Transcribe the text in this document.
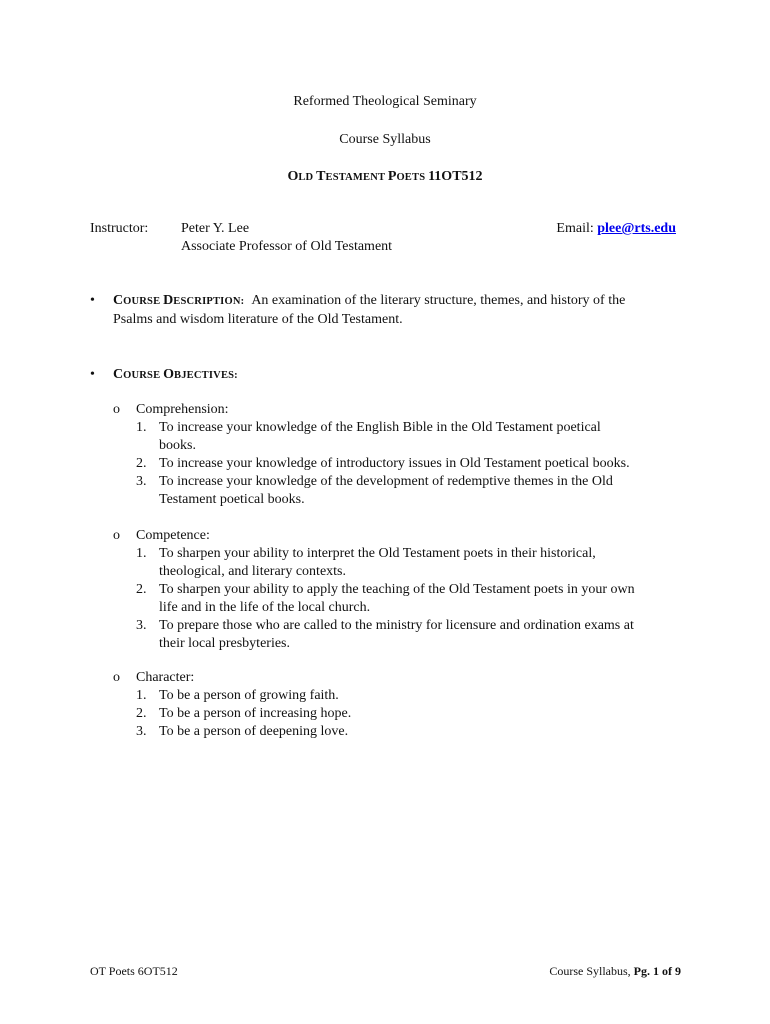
Reformed Theological Seminary
Course Syllabus
OLD TESTAMENT POETS 11OT512
Instructor: Peter Y. Lee
Associate Professor of Old Testament
Email: plee@rts.edu
• COURSE DESCRIPTION: An examination of the literary structure, themes, and history of the
Psalms and wisdom literature of the Old Testament.
• COURSE OBJECTIVES:
o Comprehension:
1. To increase your knowledge of the English Bible in the Old Testament poetical
books.
2. To increase your knowledge of introductory issues in Old Testament poetical books.
3. To increase your knowledge of the development of redemptive themes in the Old
Testament poetical books.
o Competence:
1. To sharpen your ability to interpret the Old Testament poets in their historical,
theological, and literary contexts.
2. To sharpen your ability to apply the teaching of the Old Testament poets in your own
life and in the life of the local church.
3. To prepare those who are called to the ministry for licensure and ordination exams at
their local presbyteries.
o Character:
1. To be a person of growing faith.
2. To be a person of increasing hope.
3. To be a person of deepening love.
OT Poets 6OT512	Course Syllabus, Pg. 1 of 9
